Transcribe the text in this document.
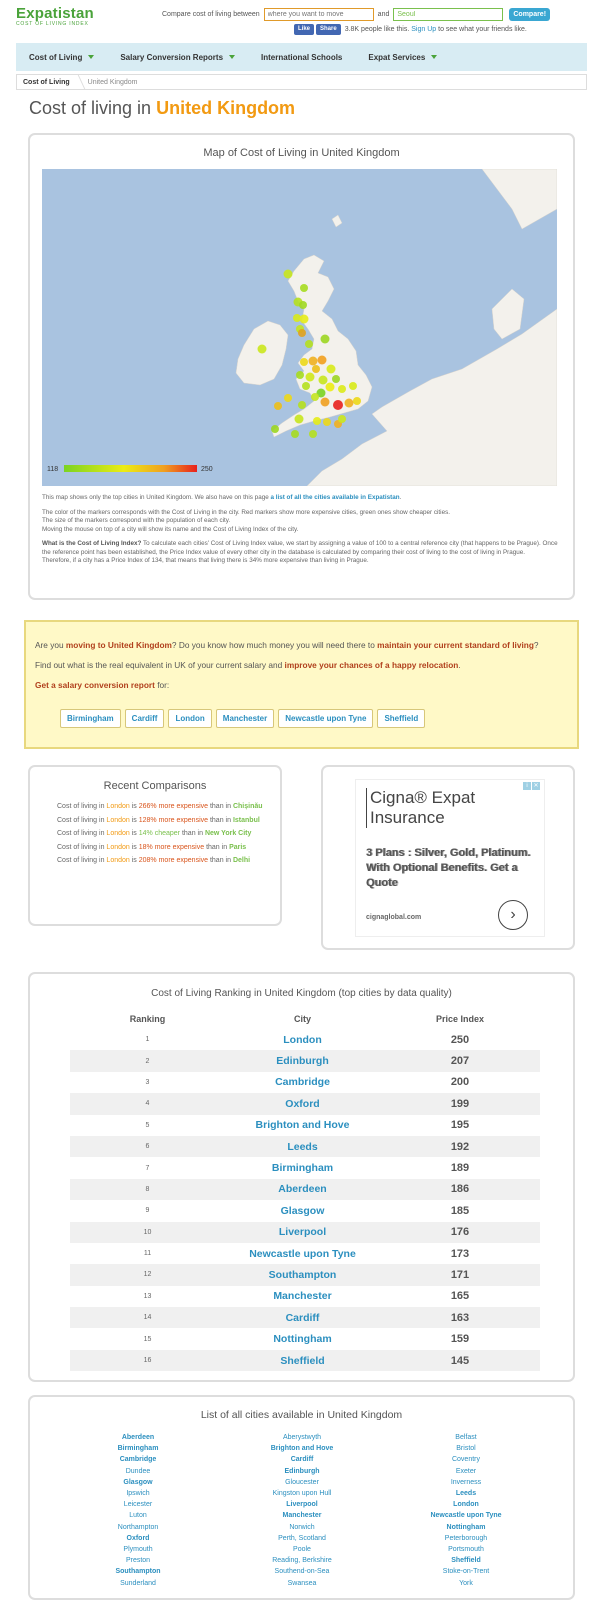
Expatistan
COST OF LIVING INDEX
Compare cost of living between
where you want to move	and
Seoul	Compare!
Like	Share	3.8K people like this.
Sign Up
to see what your friends like.
Cost of Living	Salary Conversion Reports	International Schools	Expat Services
Cost of Living	United Kingdom
Cost of living in United Kingdom
Map of Cost of Living in United Kingdom
118	250

This map shows only the top cities in United Kingdom. We also have on this page a list of all the cities available in Expatistan.

The color of the markers corresponds with the Cost of Living in the city. Red markers show more expensive cities, green ones show cheaper cities.
The size of the markers correspond with the population of each city.
Moving the mouse on top of a city will show its name and the Cost of Living Index of the city.

What is the Cost of Living Index? To calculate each cities' Cost of Living Index value, we start by assigning a value of 100 to a central reference city (that happens to be Prague). Once the reference point has been established, the Price Index value of every other city in the database is calculated by comparing their cost of living to the cost of living in Prague.
Therefore, if a city has a Price Index of 134, that means that living there is 34% more expensive than living in Prague.

Are you moving to United Kingdom? Do you know how much money you will need there to maintain your current standard of living?
Find out what is the real equivalent in UK of your current salary and improve your chances of a happy relocation.
Get a salary conversion report for:
Birmingham	Cardiff	London	Manchester	Newcastle upon Tyne	Sheffield
Recent Comparisons
Cost of living in London is 266% more expensive than in Chișinău
Cost of living in London is 128% more expensive than in Istanbul
Cost of living in London is 14% cheaper than in New York City
Cost of living in London is 18% more expensive than in Paris
Cost of living in London is 208% more expensive than in Delhi
i ✕
Cigna® Expat
Insurance
3 Plans : Silver, Gold, Platinum. With Optional Benefits. Get a Quote
cignaglobal.com	›
Cost of Living Ranking in United Kingdom (top cities by data quality)
Ranking	City	Price Index
1	London	250
2	Edinburgh	207
3	Cambridge	200
4	Oxford	199
5	Brighton and Hove	195
6	Leeds	192
7	Birmingham	189
8	Aberdeen	186
9	Glasgow	185
10	Liverpool	176
11	Newcastle upon Tyne	173
12	Southampton	171
13	Manchester	165
14	Cardiff	163
15	Nottingham	159
16	Sheffield	145
List of all cities available in United Kingdom
Aberdeen
Birmingham
Cambridge
Dundee
Glasgow
Ipswich
Leicester
Luton
Northampton
Oxford
Plymouth
Preston
Southampton
Sunderland
Aberystwyth
Brighton and Hove
Cardiff
Edinburgh
Gloucester
Kingston upon Hull
Liverpool
Manchester
Norwich
Perth, Scotland
Poole
Reading, Berkshire
Southend-on-Sea
Swansea
Belfast
Bristol
Coventry
Exeter
Inverness
Leeds
London
Newcastle upon Tyne
Nottingham
Peterborough
Portsmouth
Sheffield
Stoke-on-Trent
York
